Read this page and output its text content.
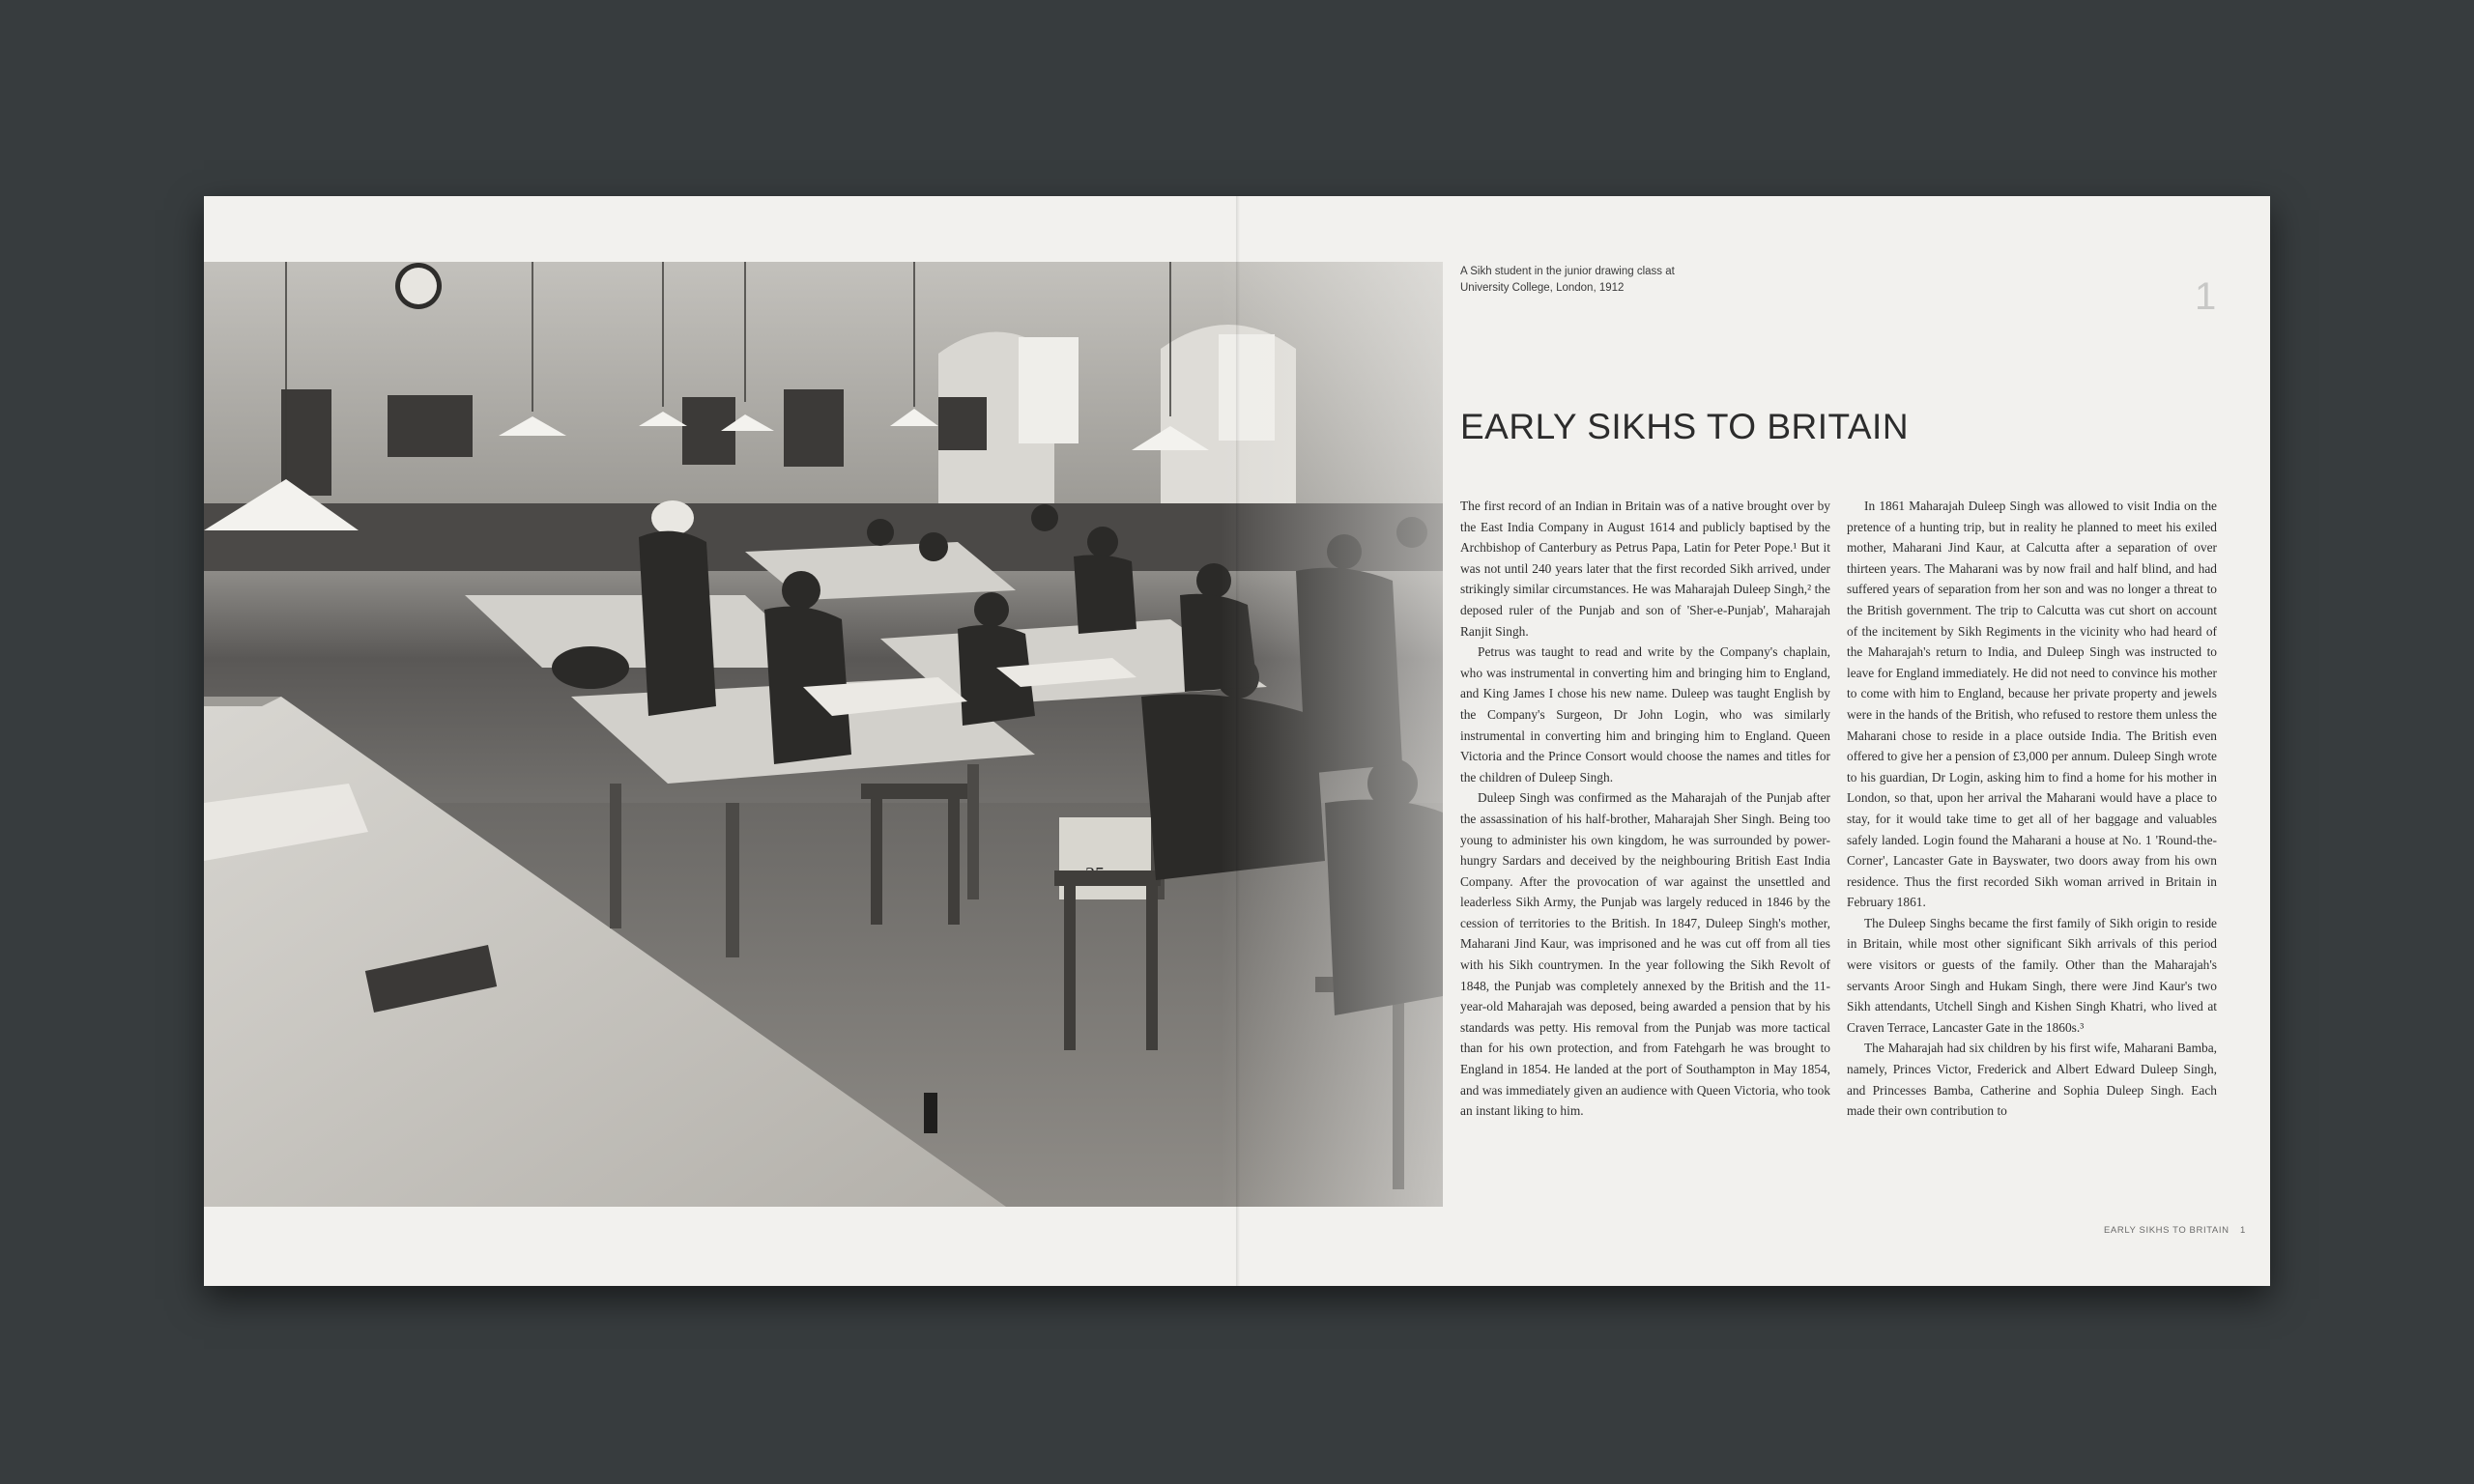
A Sikh student in the junior drawing class at University College, London, 1912	1
EARLY SIKHS TO BRITAIN

The first record of an Indian in Britain was of a native brought over by the East India Company in August 1614 and publicly baptised by the Archbishop of Canterbury as Petrus Papa, Latin for Peter Pope.¹ But it was not until 240 years later that the first recorded Sikh arrived, under strikingly similar circumstances. He was Maharajah Duleep Singh,² the deposed ruler of the Punjab and son of 'Sher-e-Punjab', Maharajah Ranjit Singh.

Petrus was taught to read and write by the Company's chaplain, who was instrumental in converting him and bringing him to England, and King James I chose his new name. Duleep was taught English by the Company's Surgeon, Dr John Login, who was similarly instrumental in converting him and bringing him to England. Queen Victoria and the Prince Consort would choose the names and titles for the children of Duleep Singh.

Duleep Singh was confirmed as the Maharajah of the Punjab after the assassination of his half-brother, Maharajah Sher Singh. Being too young to administer his own kingdom, he was surrounded by power-hungry Sardars and deceived by the neighbouring British East India Company. After the provocation of war against the unsettled and leaderless Sikh Army, the Punjab was largely reduced in 1846 by the cession of territories to the British. In 1847, Duleep Singh's mother, Maharani Jind Kaur, was imprisoned and he was cut off from all ties with his Sikh countrymen. In the year following the Sikh Revolt of 1848, the Punjab was completely annexed by the British and the 11-year-old Maharajah was deposed, being awarded a pension that by his standards was petty. His removal from the Punjab was more tactical than for his own protection, and from Fatehgarh he was brought to England in 1854. He landed at the port of Southampton in May 1854, and was immediately given an audience with Queen Victoria, who took an instant liking to him.

In 1861 Maharajah Duleep Singh was allowed to visit India on the pretence of a hunting trip, but in reality he planned to meet his exiled mother, Maharani Jind Kaur, at Calcutta after a separation of over thirteen years. The Maharani was by now frail and half blind, and had suffered years of separation from her son and was no longer a threat to the British government. The trip to Calcutta was cut short on account of the incitement by Sikh Regiments in the vicinity who had heard of the Maharajah's return to India, and Duleep Singh was instructed to leave for England immediately. He did not need to convince his mother to come with him to England, because her private property and jewels were in the hands of the British, who refused to restore them unless the Maharani chose to reside in a place outside India. The British even offered to give her a pension of £3,000 per annum. Duleep Singh wrote to his guardian, Dr Login, asking him to find a home for his mother in London, so that, upon her arrival the Maharani would have a place to stay, for it would take time to get all of her baggage and valuables safely landed. Login found the Maharani a house at No. 1 'Round-the-Corner', Lancaster Gate in Bayswater, two doors away from his own residence. Thus the first recorded Sikh woman arrived in Britain in February 1861.

The Duleep Singhs became the first family of Sikh origin to reside in Britain, while most other significant Sikh arrivals of this period were visitors or guests of the family. Other than the Maharajah's servants Aroor Singh and Hukam Singh, there were Jind Kaur's two Sikh attendants, Utchell Singh and Kishen Singh Khatri, who lived at Craven Terrace, Lancaster Gate in the 1860s.³

The Maharajah had six children by his first wife, Maharani Bamba, namely, Princes Victor, Frederick and Albert Edward Duleep Singh, and Princesses Bamba, Catherine and Sophia Duleep Singh. Each made their own contribution to

EARLY SIKHS TO BRITAIN 1
